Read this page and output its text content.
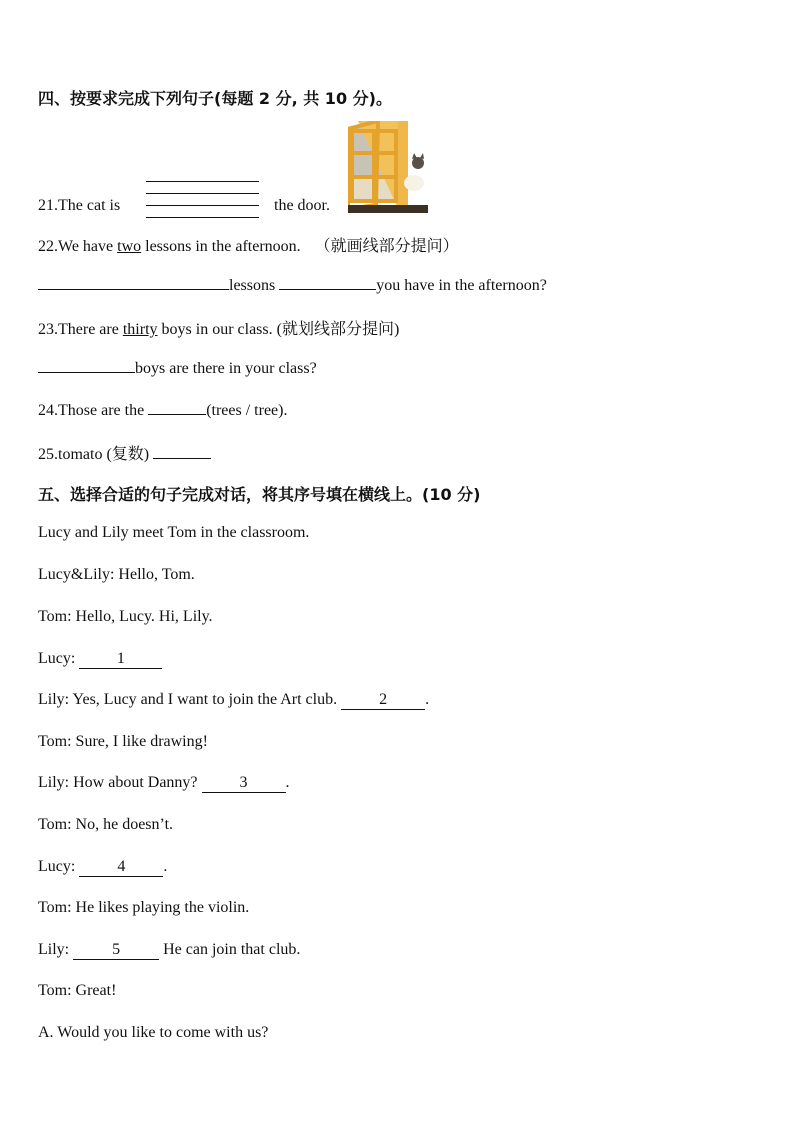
四、按要求完成下列句子(每题 2 分, 共 10 分)。
21.The cat is	the door.
22.We have two lessons in the afternoon. （就画线部分提问）
lessons	you have in the afternoon?
23.There are thirty boys in our class. (就划线部分提问)
boys are there in your class?
24.Those are the	(trees / tree).
25.tomato (复数)
五、选择合适的句子完成对话，将其序号填在横线上。(10 分)
Lucy and Lily meet Tom in the classroom.
Lucy&Lily: Hello, Tom.
Tom: Hello, Lucy. Hi, Lily.
Lucy: 1
Lily: Yes, Lucy and I want to join the Art club. 2 .
Tom: Sure, I like drawing!
Lily: How about Danny? 3 .
Tom: No, he doesn’t.
Lucy: 4 .
Tom: He likes playing the violin.
Lily: 5 He can join that club.
Tom: Great!
A. Would you like to come with us?
